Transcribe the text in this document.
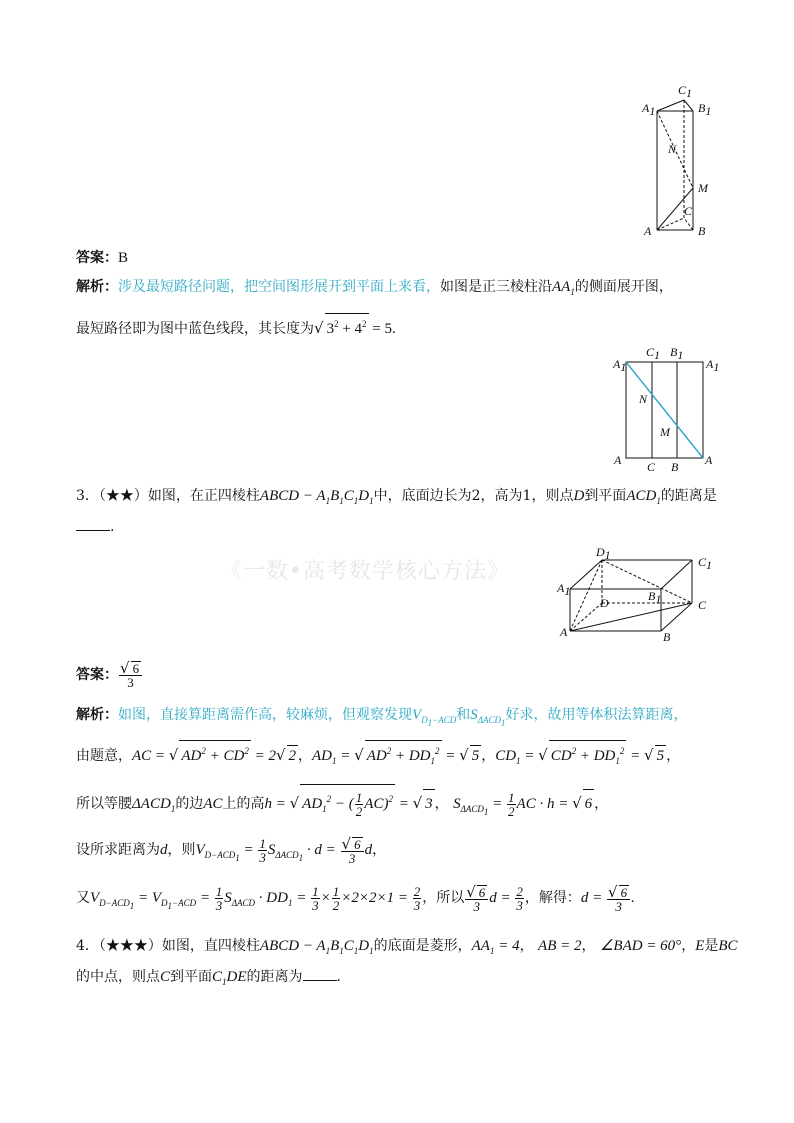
A1
C1
B1
N
M
C
A	B
答案：B
解析：涉及最短路径问题，把空间图形展开到平面上来看，如图是正三棱柱沿$AA_1$的侧面展开图，
最短路径即为图中蓝色线段，其长度为√ $3^2 + 4^2 = 5$.
A1
C1 B1
A1
N
M
A C B A
3．（★★）如图，在正四棱柱ABCD − $A_1B_1C_1D_1$中，底面边长为2，高为1，则点D到平面$ACD_1$的距离是
.
《一数•高考数学核心方法》
D1	C1
A1	B1
D	C
A	B
答案： $\frac{√ 6}{3}$
解析：如图，直接算距离需作高，较麻烦，但观察发现$V_{D_1-ACD}$和$S_{\Delta ACD_1}$好求，故用等体积法算距离，
由题意，AC = √ $AD^2 + CD^2 = 2√$ 2 ，$AD_1$ = √ $AD^2 + DD_1^2$ = √ 5 ，$CD_1$ = √ $CD^2 + DD_1^2$ = √ 5 ，
所以等腰$\Delta ACD_1$的边AC上的高h = √ $AD_1^2$ − ( $\frac{1}{2} AC)^2$ = √ 3 ， $S_{\Delta ACD_1} = \frac{1}{2}$ AC · h = √ 6 ，
设所求距离为d，则$V_{D-ACD_1} = \frac{1}{3} S_{\Delta ACD_1} \cdot d = \frac{√ 6}{3}$ d，
又$V_{D-ACD_1} = V_{D_1-ACD} = \frac{1}{3} S_{\Delta ACD} \cdot DD_1 = \frac{1}{3} \times \frac{1}{2} \times 2\times 2\times 1 = \frac{2}{3}$ ，所以 $\frac{√ 6}{3}$ $d = \frac{2}{3}$ ，解得：$d = \frac{√ 6}{3}$ .
4．（★★★）如图，直四棱柱ABCD − $A_1B_1C_1D_1$的底面是菱形，$AA_1 = 4$， AB = 2， ∠BAD = 60°，E是BC
的中点，则点C到平面$C_1DE$的距离为 .
